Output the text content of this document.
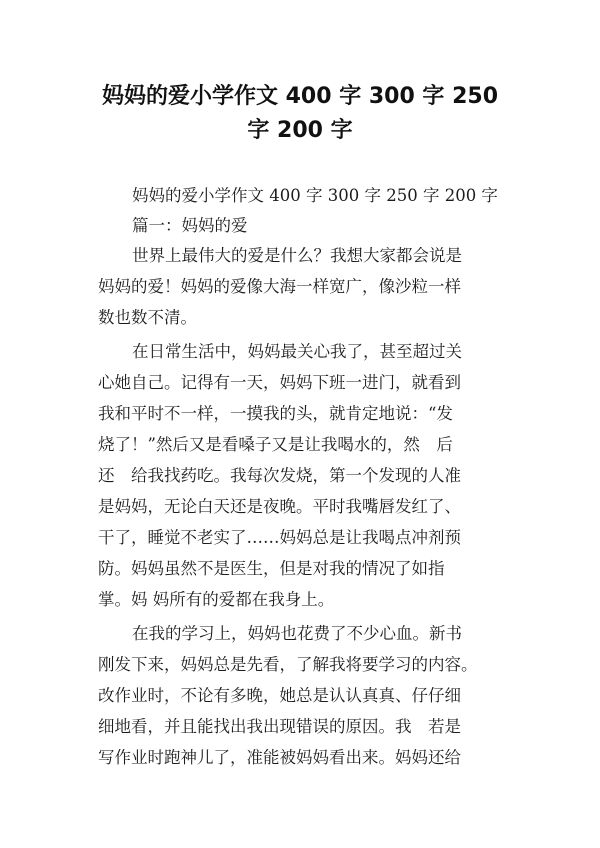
妈妈的爱小学作文 400 字 300 字 250
字 200 字
妈妈的爱小学作文 400 字 300 字 250 字 200 字
篇一：妈妈的爱
世界上最伟大的爱是什么？我想大家都会说是
妈妈的爱！妈妈的爱像大海一样宽广，像沙粒一样
数也数不清。
在日常生活中，妈妈最关心我了，甚至超过关
心她自己。记得有一天，妈妈下班一进门，就看到
我和平时不一样，一摸我的头，就肯定地说：“发
烧了！”然后又是看嗓子又是让我喝水的，然　后
还　给我找药吃。我每次发烧，第一个发现的人准
是妈妈，无论白天还是夜晚。平时我嘴唇发红了、
干了，睡觉不老实了……妈妈总是让我喝点冲剂预
防。妈妈虽然不是医生，但是对我的情况了如指
掌。妈 妈所有的爱都在我身上。
在我的学习上，妈妈也花费了不少心血。新书
刚发下来，妈妈总是先看，了解我将要学习的内容。
改作业时，不论有多晚，她总是认认真真、仔仔细
细地看，并且能找出我出现错误的原因。我　若是
写作业时跑神儿了，准能被妈妈看出来。妈妈还给
